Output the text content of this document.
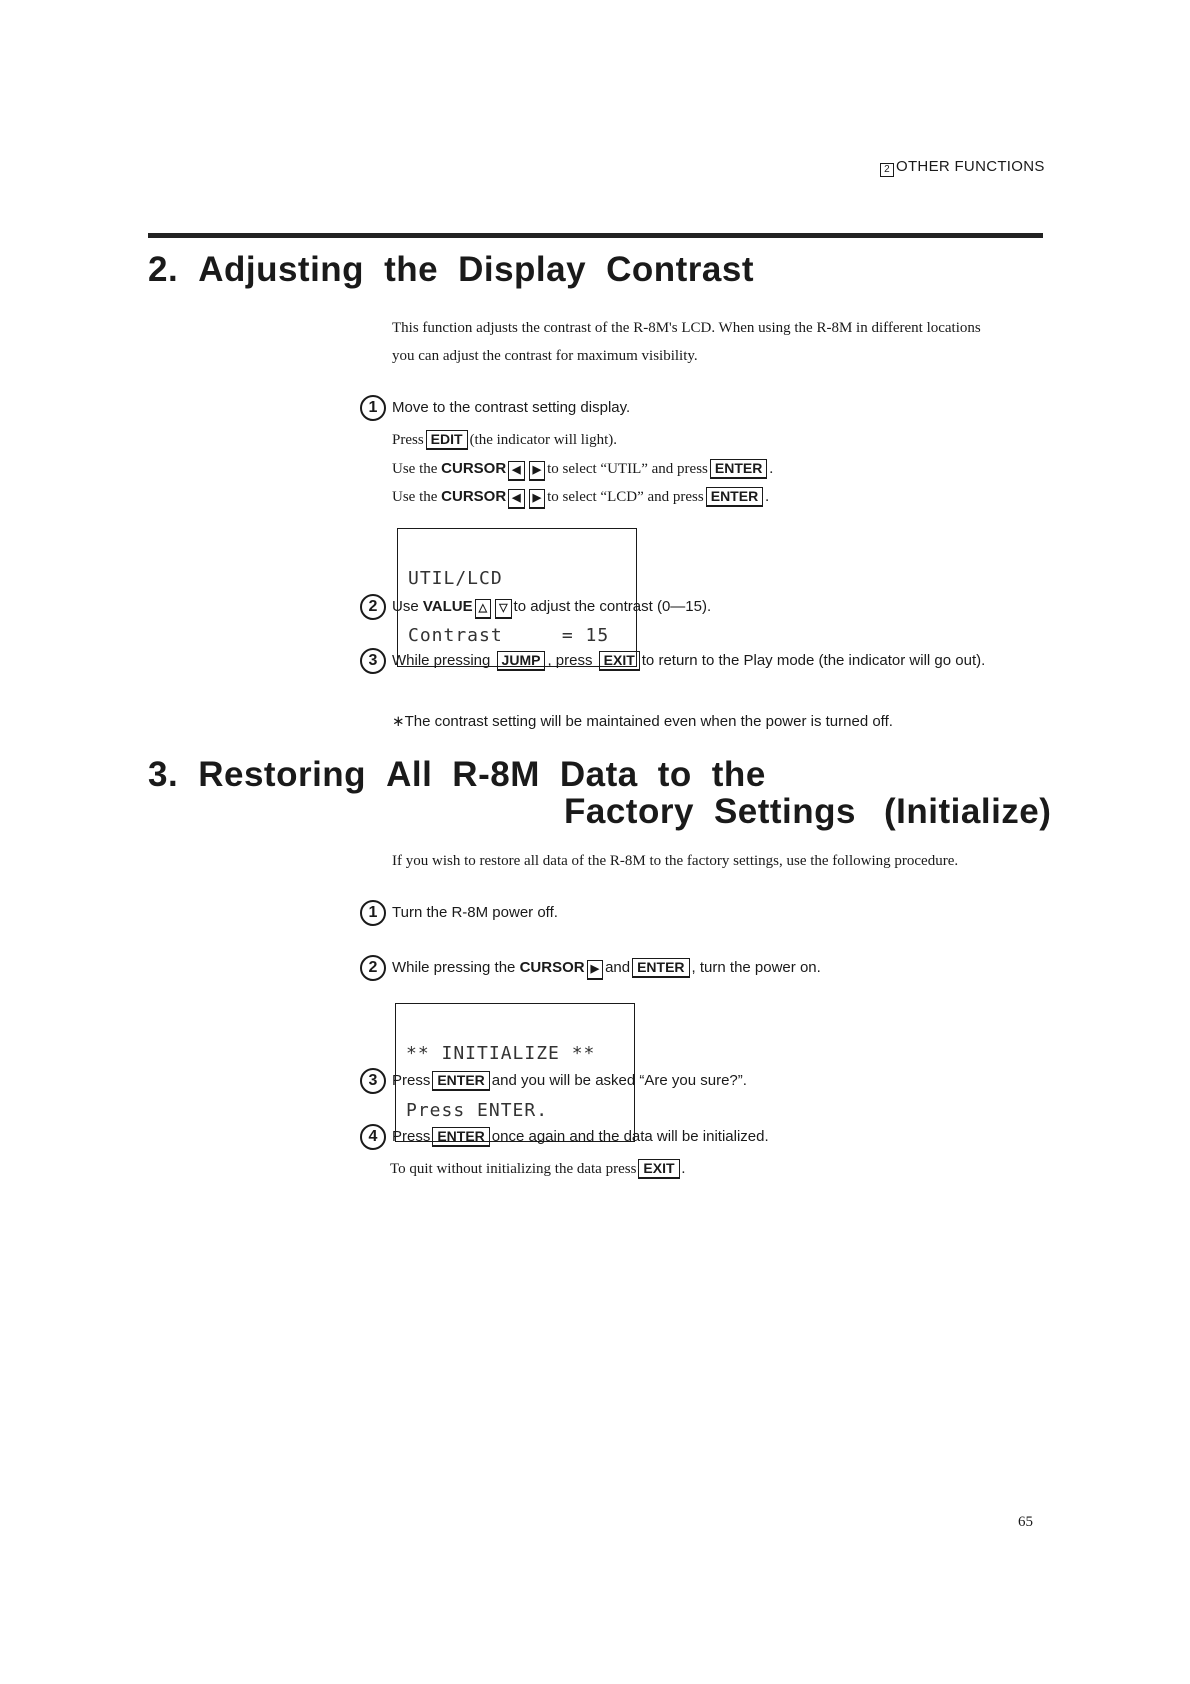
2 OTHER FUNCTIONS
2. Adjusting the Display Contrast
This function adjusts the contrast of the R-8M's LCD. When using the R-8M in different locations
you can adjust the contrast for maximum visibility.
1 Move to the contrast setting display.
Press EDIT (the indicator will light).
Use the CURSOR ◀ ▶ to select “UTIL” and press ENTER .
Use the CURSOR ◀ ▶ to select “LCD” and press ENTER .

UTIL/LCD

Contrast     = 15

2 Use VALUE △ ▽ to adjust the contrast (0—15).
3 While pressing JUMP , press EXIT to return to the Play mode (the indicator will go out).
∗The contrast setting will be maintained even when the power is turned off.
3. Restoring All R-8M Data to the
Factory Settings (Initialize)
If you wish to restore all data of the R-8M to the factory settings, use the following procedure.
1 Turn the R-8M power off.
2 While pressing the CURSOR ▶ and ENTER , turn the power on.

** INITIALIZE **

Press ENTER.

3 Press ENTER and you will be asked “Are you sure?”.
4 Press ENTER once again and the data will be initialized.
To quit without initializing the data press EXIT .
65
